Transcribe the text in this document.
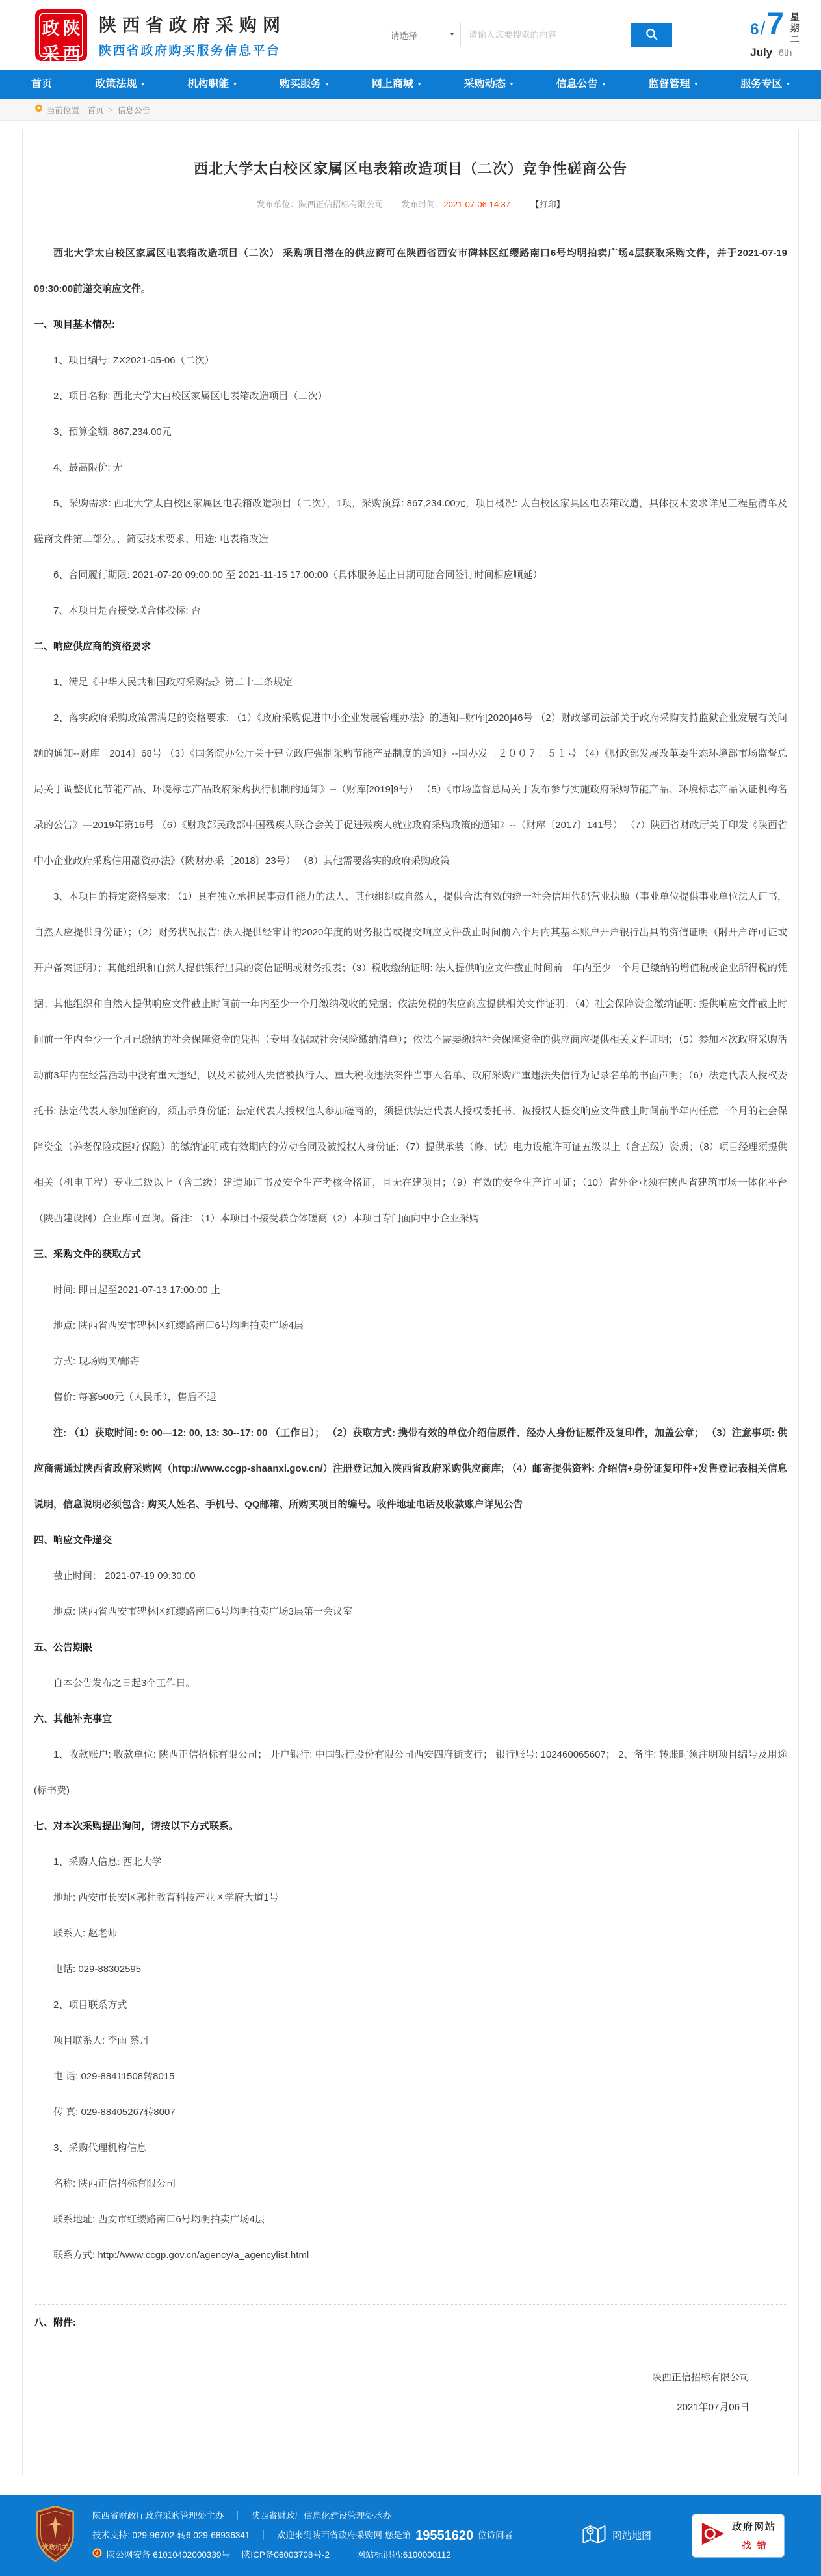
政 陕
采 西
陕西省政府采购网
陕西省政府购买服务信息平台
请选择	▾
请输入您要搜索的内容	6 / 7 星期二
July 6th
首页	政策法规 ▾	机构职能 ▾	购买服务 ▾	网上商城 ▾	采购动态 ▾	信息公告 ▾	监督管理 ▾	服务专区 ▾
当前位置： 首页 > 信息公告
西北大学太白校区家属区电表箱改造项目（二次）竞争性磋商公告
发布单位：陕西正信招标有限公司 发布时间：2021-07-06 14:37 【打印】
西北大学太白校区家属区电表箱改造项目（二次） 采购项目潜在的供应商可在陕西省西安市碑林区红缨路南口6号均明拍卖广场4层获取采购文件，并于2021-07-19 09:30:00前递交响应文件。
一、项目基本情况:
1、项目编号: ZX2021-05-06（二次）
2、项目名称: 西北大学太白校区家属区电表箱改造项目（二次）
3、预算金额: 867,234.00元
4、最高限价: 无
5、采购需求: 西北大学太白校区家属区电表箱改造项目（二次），1项，采购预算: 867,234.00元，项目概况: 太白校区家具区电表箱改造，具体技术要求详见工程量清单及磋商文件第二部分。，简要技术要求、用途: 电表箱改造
6、合同履行期限: 2021-07-20 09:00:00 至 2021-11-15 17:00:00（具体服务起止日期可随合同签订时间相应顺延）
7、本项目是否接受联合体投标: 否
二、响应供应商的资格要求
1、满足《中华人民共和国政府采购法》第二十二条规定
2、落实政府采购政策需满足的资格要求: （1）《政府采购促进中小企业发展管理办法》的通知--财库[2020]46号 （2）财政部司法部关于政府采购支持监狱企业发展有关问题的通知--财库〔2014〕68号 （3）《国务院办公厅关于建立政府强制采购节能产品制度的通知》--国办发〔２００７〕５１号 （4）《财政部发展改革委生态环境部市场监督总局关于调整优化节能产品、环境标志产品政府采购执行机制的通知》--（财库[2019]9号） （5）《市场监督总局关于发布参与实施政府采购节能产品、环境标志产品认证机构名录的公告》—2019年第16号 （6）《财政部民政部中国残疾人联合会关于促进残疾人就业政府采购政策的通知》--（财库〔2017〕141号） （7）陕西省财政厅关于印发《陕西省中小企业政府采购信用融资办法》（陕财办采〔2018〕23号） （8）其他需要落实的政府采购政策
3、本项目的特定资格要求: （1）具有独立承担民事责任能力的法人、其他组织或自然人，提供合法有效的统一社会信用代码营业执照（事业单位提供事业单位法人证书，自然人应提供身份证）；（2）财务状况报告: 法人提供经审计的2020年度的财务报告或提交响应文件截止时间前六个月内其基本账户开户银行出具的资信证明（附开户许可证或开户备案证明）；其他组织和自然人提供银行出具的资信证明或财务报表；（3）税收缴纳证明: 法人提供响应文件截止时间前一年内至少一个月已缴纳的增值税或企业所得税的凭据；其他组织和自然人提供响应文件截止时间前一年内至少一个月缴纳税收的凭据；依法免税的供应商应提供相关文件证明；（4）社会保障资金缴纳证明: 提供响应文件截止时间前一年内至少一个月已缴纳的社会保障资金的凭据（专用收据或社会保险缴纳清单）；依法不需要缴纳社会保障资金的供应商应提供相关文件证明；（5）参加本次政府采购活动前3年内在经营活动中没有重大违纪，以及未被列入失信被执行人、重大税收违法案件当事人名单、政府采购严重违法失信行为记录名单的书面声明；（6）法定代表人授权委托书: 法定代表人参加磋商的，须出示身份证；法定代表人授权他人参加磋商的，须提供法定代表人授权委托书、被授权人提交响应文件截止时间前半年内任意一个月的社会保障资金（养老保险或医疗保险）的缴纳证明或有效期内的劳动合同及被授权人身份证；（7）提供承装（修、试）电力设施许可证五级以上（含五级）资质；（8）项目经理须提供相关（机电工程）专业二级以上（含二级）建造师证书及安全生产考核合格证，且无在建项目；（9）有效的安全生产许可证；（10）省外企业须在陕西省建筑市场一体化平台（陕西建设网）企业库可查询。备注: （1）本项目不接受联合体磋商（2）本项目专门面向中小企业采购
三、采购文件的获取方式
时间: 即日起至2021-07-13 17:00:00 止
地点: 陕西省西安市碑林区红缨路南口6号均明拍卖广场4层
方式: 现场购买/邮寄
售价: 每套500元（人民币），售后不退
注: （1）获取时间: 9: 00—12: 00, 13: 30--17: 00 （工作日）； （2）获取方式: 携带有效的单位介绍信原件、经办人身份证原件及复印件，加盖公章； （3）注意事项: 供应商需通过陕西省政府采购网（http://www.ccgp-shaanxi.gov.cn/）注册登记加入陕西省政府采购供应商库; （4）邮寄提供资料: 介绍信+身份证复印件+发售登记表相关信息说明，信息说明必须包含: 购买人姓名、手机号、QQ邮箱、所购买项目的编号。收件地址电话及收款账户详见公告
四、响应文件递交
截止时间： 2021-07-19 09:30:00
地点: 陕西省西安市碑林区红缨路南口6号均明拍卖广场3层第一会议室
五、公告期限
自本公告发布之日起3个工作日。
六、其他补充事宜
1、收款账户: 收款单位: 陕西正信招标有限公司； 开户银行: 中国银行股份有限公司西安四府街支行； 银行账号: 102460065607； 2、备注: 转账时须注明项目编号及用途(标书费)
七、对本次采购提出询问，请按以下方式联系。
1、采购人信息: 西北大学
地址: 西安市长安区郭杜教育科技产业区学府大道1号
联系人: 赵老师
电话: 029-88302595
2、项目联系方式
项目联系人: 李雨 蔡丹
电 话: 029-88411508转8015
传 真: 029-88405267转8007
3、采购代理机构信息
名称: 陕西正信招标有限公司
联系地址: 西安市红缨路南口6号均明拍卖广场4层
联系方式: http://www.ccgp.gov.cn/agency/a_agencylist.html
八、附件:
陕西正信招标有限公司
2021年07月06日
党政机关
陕西省财政厅政府采购管理处主办 ｜ 陕西省财政厅信息化建设管理处承办
技术支持: 029-96702-转6 029-68936341 ｜ 欢迎来到陕西省政府采购网 您是第 19551620 位访问者
陕公网安备 61010402000339号 陕ICP备06003708号-2 ｜ 网站标识码: 6100000112
网站地图
政府网站
找错
